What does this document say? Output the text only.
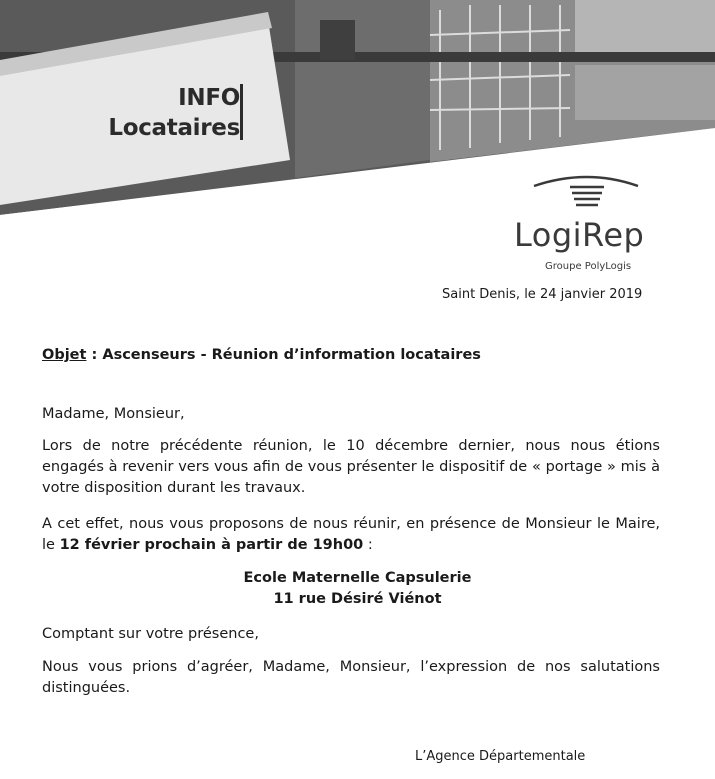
INFO
Locataires
LogiRep
Groupe PolyLogis
Saint Denis, le 24 janvier 2019
Objet : Ascenseurs - Réunion d’information locataires
Madame, Monsieur,
Lors de notre précédente réunion, le 10 décembre dernier, nous nous étions engagés à revenir vers vous afin de vous présenter le dispositif de « portage » mis à votre disposition durant les travaux.
A cet effet, nous vous proposons de nous réunir, en présence de Monsieur le Maire, le 12 février prochain à partir de 19h00 :
Ecole Maternelle Capsulerie
11 rue Désiré Viénot
Comptant sur votre présence,
Nous vous prions d’agréer, Madame, Monsieur, l’expression de nos salutations distinguées.
L’Agence Départementale
